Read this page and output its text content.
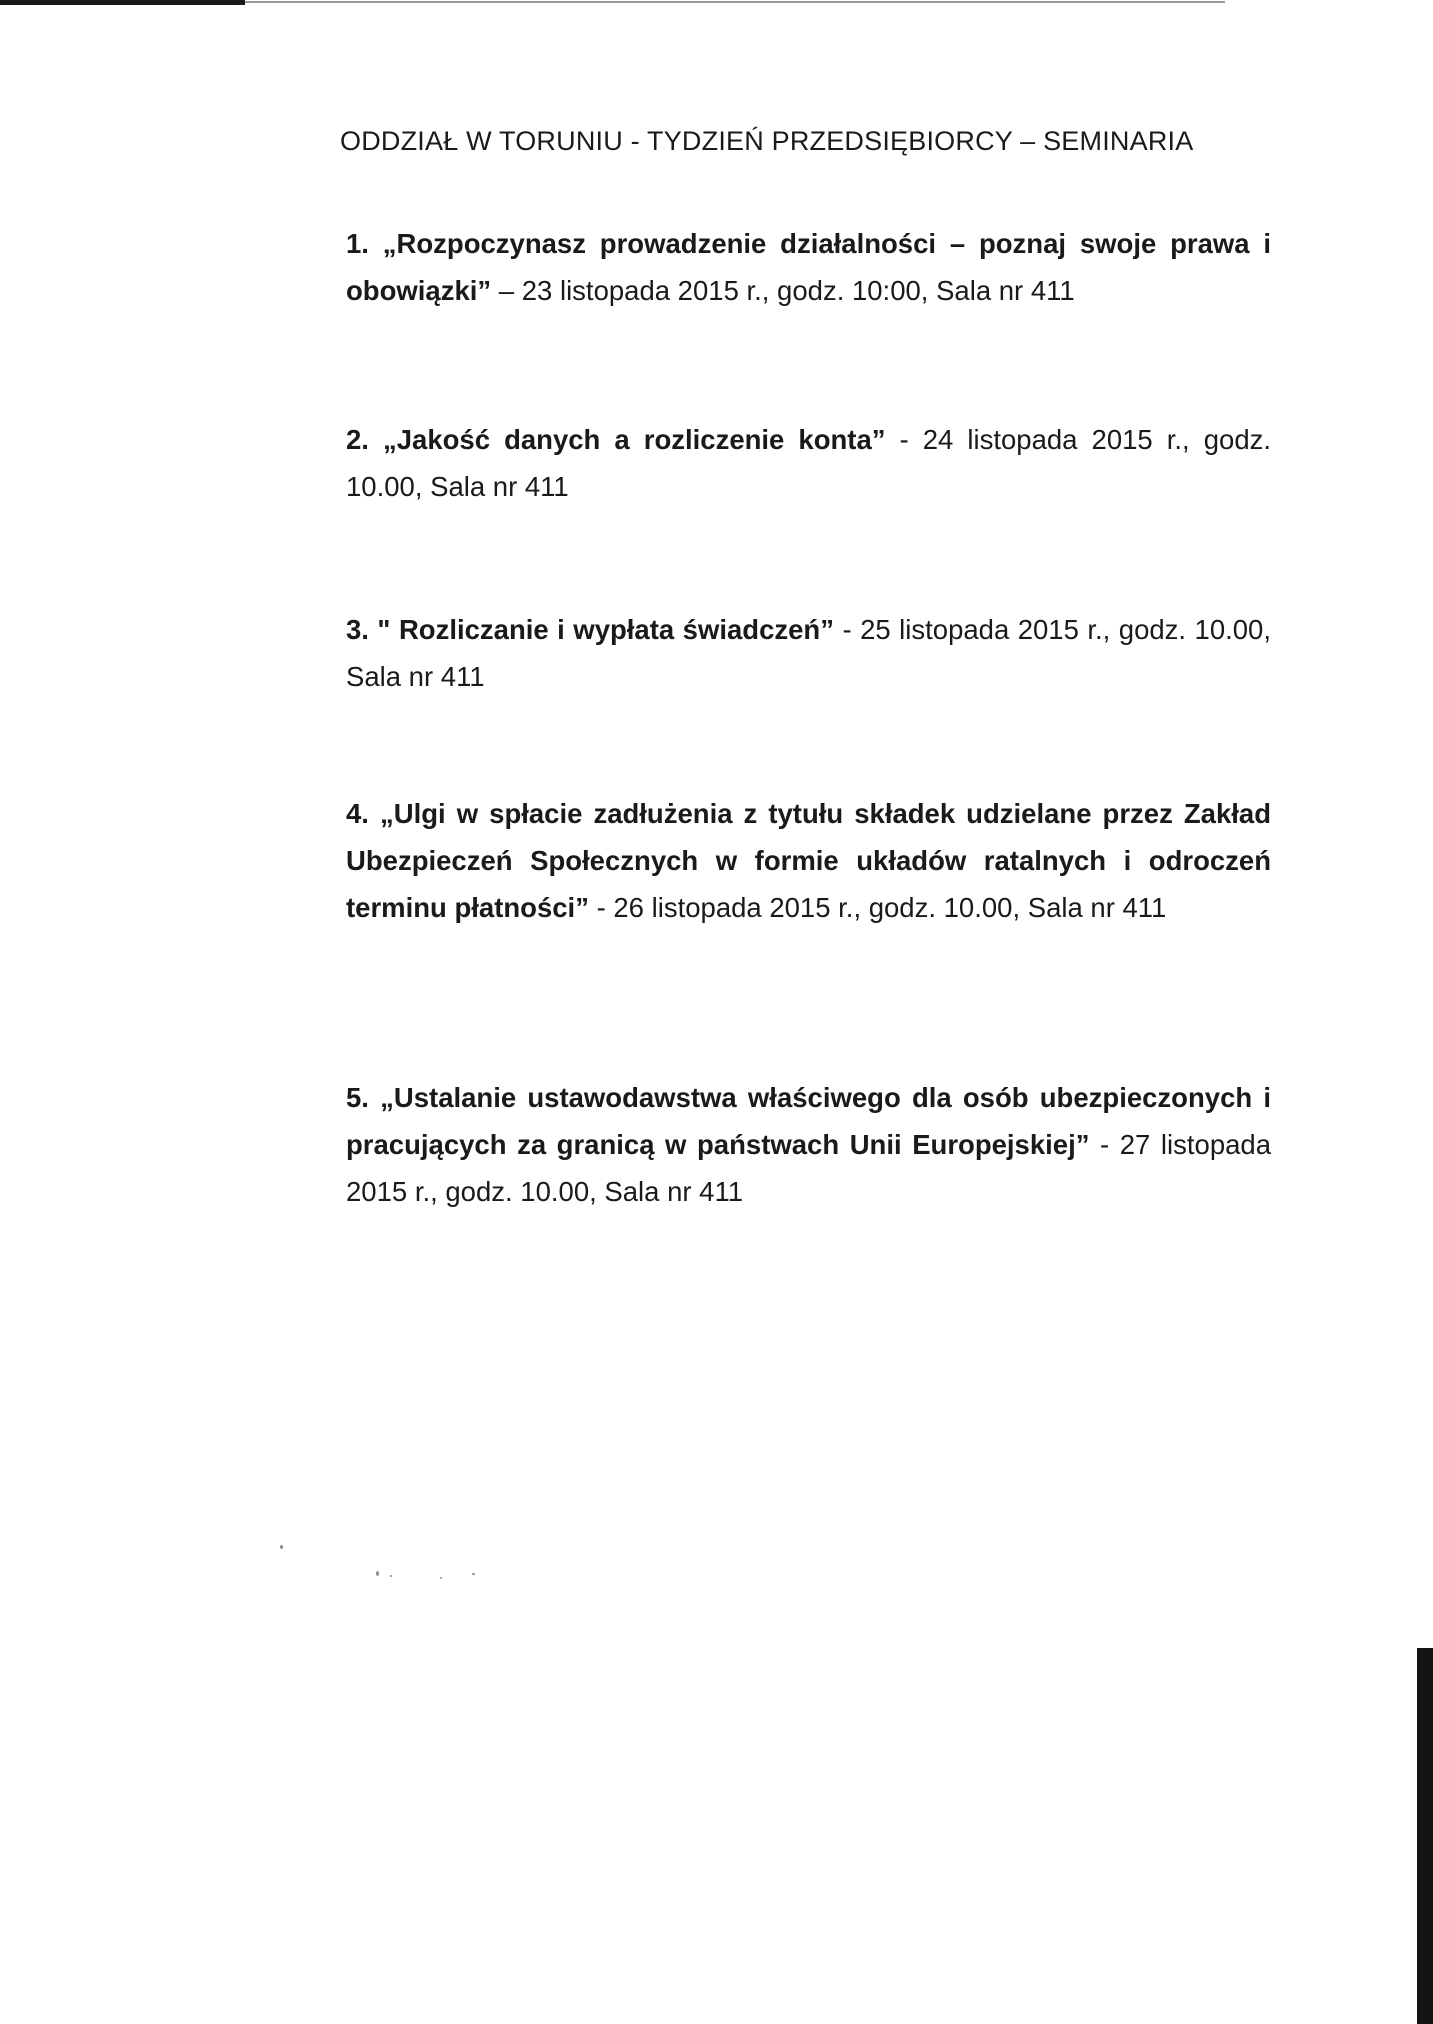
ODDZIAŁ W TORUNIU - TYDZIEŃ PRZEDSIĘBIORCY – SEMINARIA

1. „Rozpoczynasz prowadzenie działalności – poznaj swoje prawa i obowiązki” – 23 listopada 2015 r., godz. 10:00, Sala nr 411

2. „Jakość danych a rozliczenie konta” - 24 listopada 2015 r., godz. 10.00, Sala nr 411

3. " Rozliczanie i wypłata świadczeń” - 25 listopada 2015 r., godz. 10.00, Sala nr 411

4. „Ulgi w spłacie zadłużenia z tytułu składek udzielane przez Zakład Ubezpieczeń Społecznych w formie układów ratalnych i odroczeń terminu płatności” - 26 listopada 2015 r., godz. 10.00, Sala nr 411

5. „Ustalanie ustawodawstwa właściwego dla osób ubezpieczonych i pracujących za granicą w państwach Unii Europejskiej” - 27 listopada 2015 r., godz. 10.00, Sala nr 411
